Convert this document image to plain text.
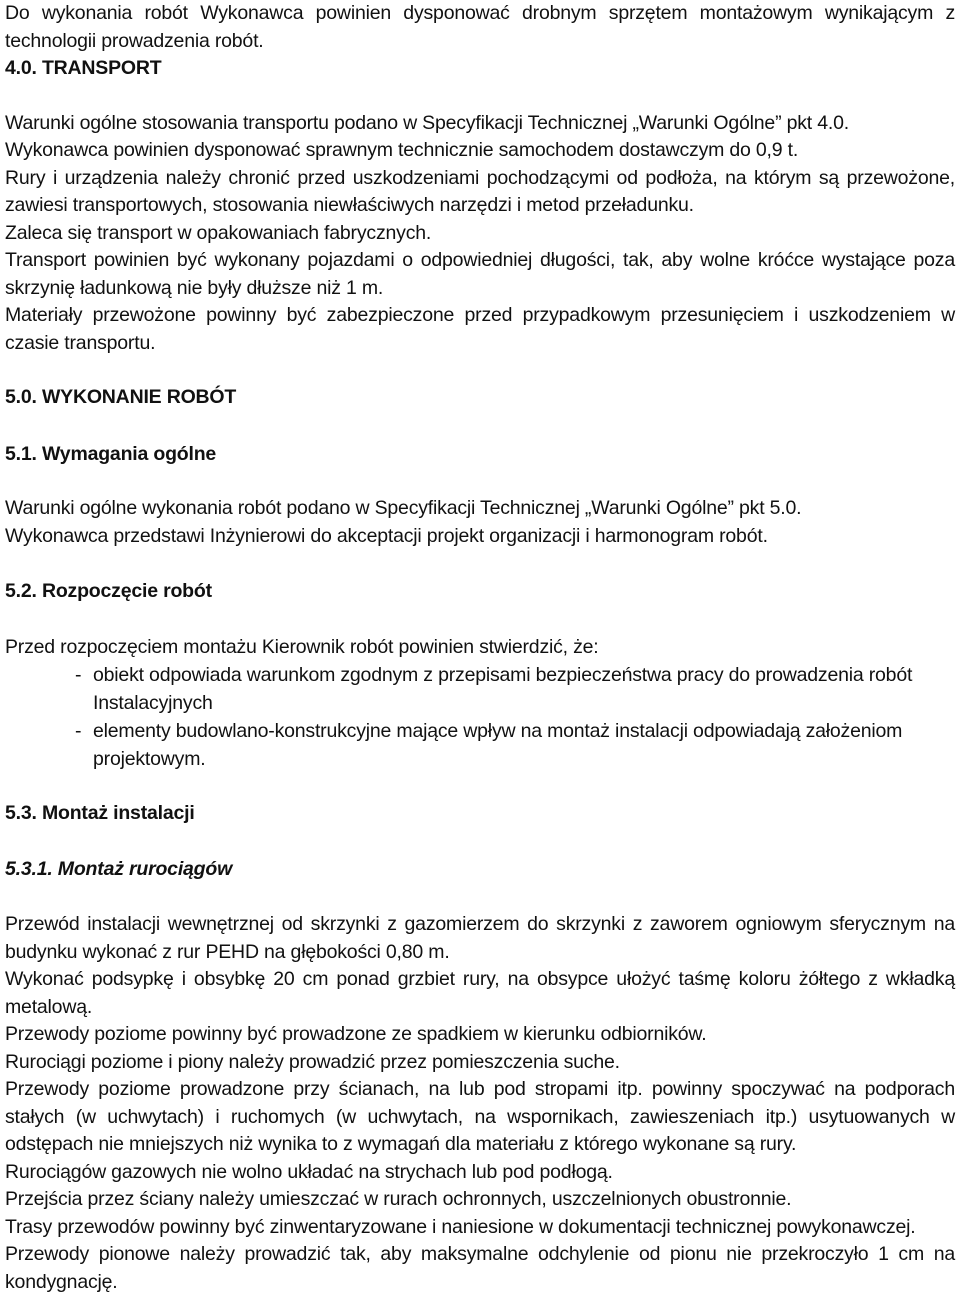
Do wykonania robót Wykonawca powinien dysponować drobnym sprzętem montażowym wynikającym z technologii prowadzenia robót.

4.0. TRANSPORT

Warunki ogólne stosowania transportu podano w Specyfikacji Technicznej „Warunki Ogólne” pkt 4.0.

Wykonawca powinien dysponować sprawnym technicznie samochodem dostawczym do 0,9 t.

Rury i urządzenia należy chronić przed uszkodzeniami pochodzącymi od podłoża, na którym są przewożone, zawiesi transportowych, stosowania niewłaściwych narzędzi i metod przeładunku.

Zaleca się transport w opakowaniach fabrycznych.

Transport powinien być wykonany pojazdami o odpowiedniej długości, tak, aby wolne króćce wystające poza skrzynię ładunkową nie były dłuższe niż 1 m.

Materiały przewożone powinny być zabezpieczone przed przypadkowym przesunięciem i uszkodzeniem w czasie transportu.

5.0. WYKONANIE ROBÓT

5.1. Wymagania ogólne

Warunki ogólne wykonania robót podano w Specyfikacji Technicznej „Warunki Ogólne” pkt 5.0.

Wykonawca przedstawi Inżynierowi do akceptacji projekt organizacji i harmonogram robót.

5.2. Rozpoczęcie robót

Przed rozpoczęciem montażu Kierownik robót powinien stwierdzić, że:

- obiekt odpowiada warunkom zgodnym z przepisami bezpieczeństwa pracy do prowadzenia robót Instalacyjnych
- elementy budowlano-konstrukcyjne mające wpływ na montaż instalacji odpowiadają założeniom projektowym.

5.3. Montaż instalacji

5.3.1. Montaż rurociągów

Przewód instalacji wewnętrznej od skrzynki z gazomierzem do skrzynki z zaworem ogniowym sferycznym na budynku wykonać z rur PEHD na głębokości 0,80 m.

Wykonać podsypkę i obsybkę 20 cm ponad grzbiet rury, na obsypce ułożyć taśmę koloru żółtego z wkładką metalową.

Przewody poziome powinny być prowadzone ze spadkiem w kierunku odbiorników.

Rurociągi poziome i piony należy prowadzić przez pomieszczenia suche.

Przewody poziome prowadzone przy ścianach, na lub pod stropami itp. powinny spoczywać na podporach stałych (w uchwytach) i ruchomych (w uchwytach, na wspornikach, zawieszeniach itp.) usytuowanych w odstępach nie mniejszych niż wynika to z wymagań dla materiału z którego wykonane są rury.

Rurociągów gazowych nie wolno układać na strychach lub pod podłogą.

Przejścia przez ściany należy umieszczać w rurach ochronnych, uszczelnionych obustronnie.

Trasy przewodów powinny być zinwentaryzowane i naniesione w dokumentacji technicznej powykonawczej.

Przewody pionowe należy prowadzić tak, aby maksymalne odchylenie od pionu nie przekroczyło 1 cm na kondygnację.
